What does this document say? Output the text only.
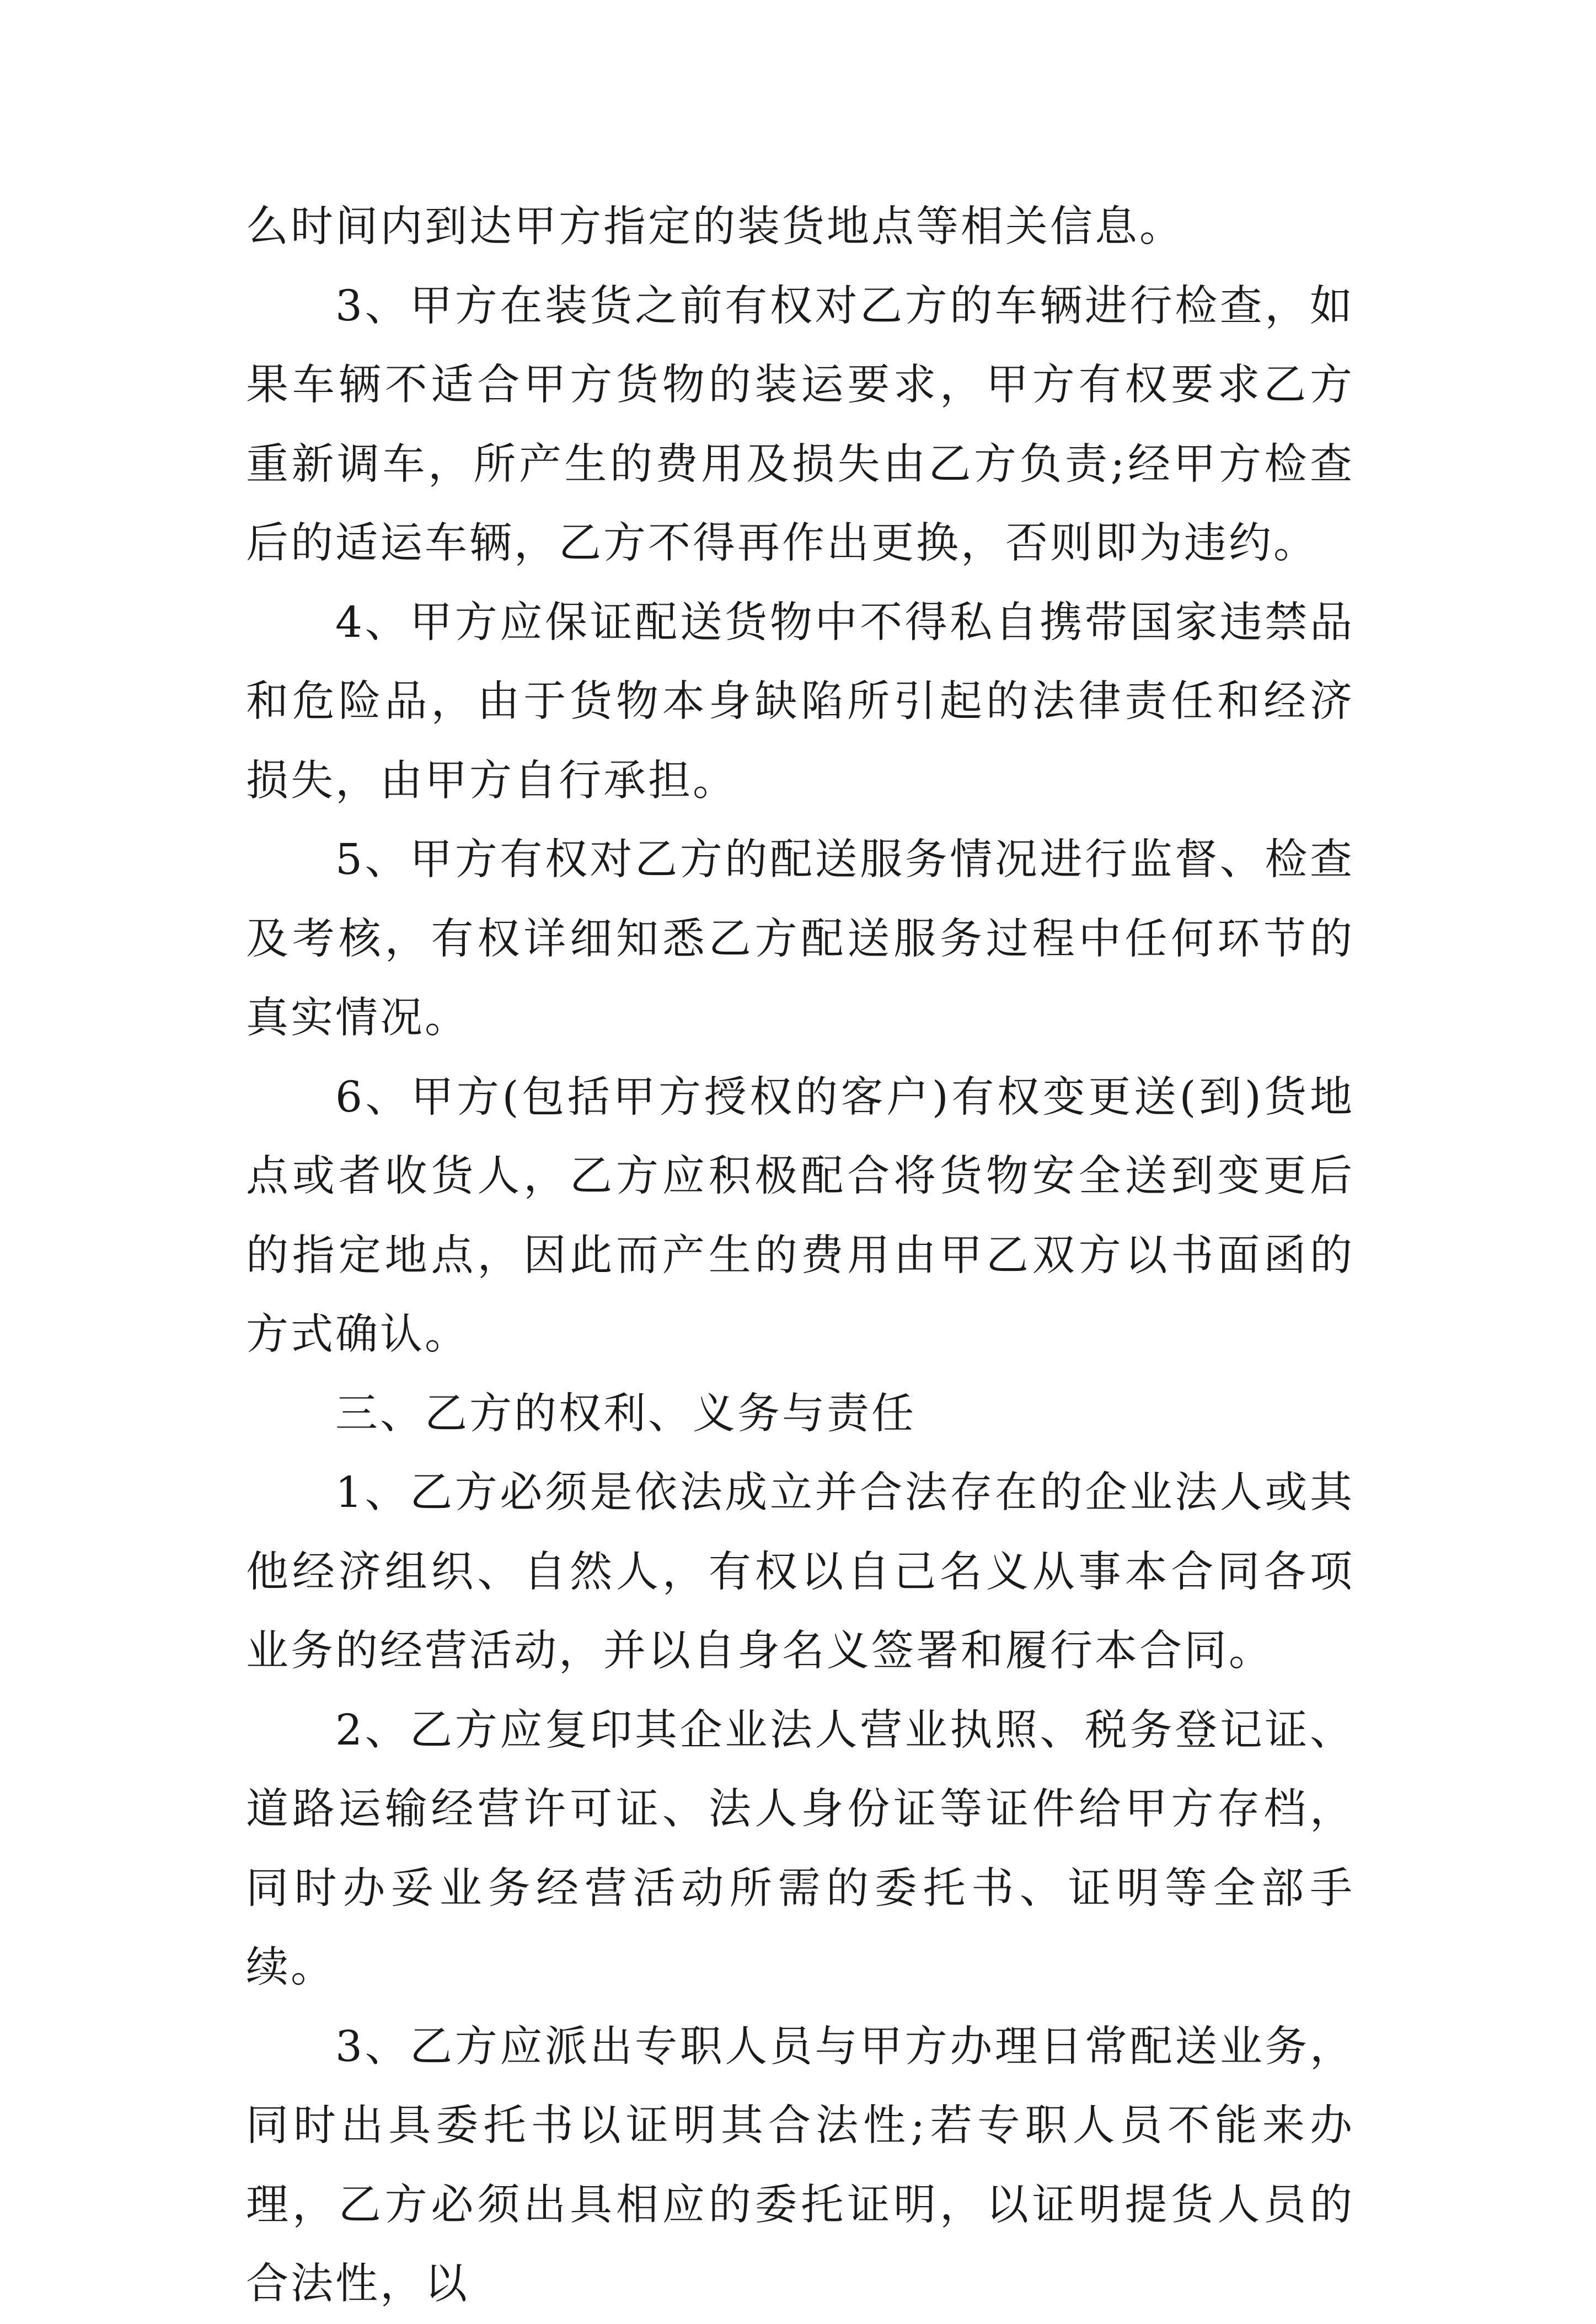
么时间内到达甲方指定的装货地点等相关信息。

3、甲方在装货之前有权对乙方的车辆进行检查，如果车辆不适合甲方货物的装运要求，甲方有权要求乙方重新调车，所产生的费用及损失由乙方负责;经甲方检查后的适运车辆，乙方不得再作出更换，否则即为违约。

4、甲方应保证配送货物中不得私自携带国家违禁品和危险品，由于货物本身缺陷所引起的法律责任和经济损失，由甲方自行承担。

5、甲方有权对乙方的配送服务情况进行监督、检查及考核，有权详细知悉乙方配送服务过程中任何环节的真实情况。

6、甲方(包括甲方授权的客户)有权变更送(到)货地点或者收货人，乙方应积极配合将货物安全送到变更后的指定地点，因此而产生的费用由甲乙双方以书面函的方式确认。

三、乙方的权利、义务与责任

1、乙方必须是依法成立并合法存在的企业法人或其他经济组织、自然人，有权以自己名义从事本合同各项业务的经营活动，并以自身名义签署和履行本合同。

2、乙方应复印其企业法人营业执照、税务登记证、道路运输经营许可证、法人身份证等证件给甲方存档，同时办妥业务经营活动所需的委托书、证明等全部手续。

3、乙方应派出专职人员与甲方办理日常配送业务，同时出具委托书以证明其合法性;若专职人员不能来办理，乙方必须出具相应的委托证明，以证明提货人员的合法性，以
